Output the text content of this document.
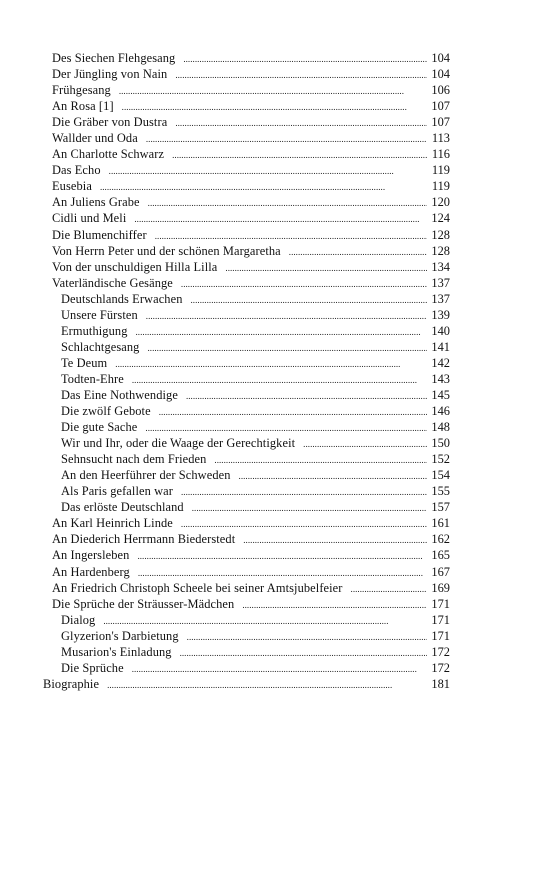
Des Siechen Flehgesang . . .	104
Der Jüngling von Nain . . .	104
Frühgesang . . .	106
An Rosa [1] . . .	107
Die Gräber von Dustra . . .	107
Wallder und Oda . . .	113
An Charlotte Schwarz . . .	116
Das Echo . . .	119
Eusebia . . .	119
An Juliens Grabe . . .	120
Cidli und Meli . . .	124
Die Blumenchiffer . . .	128
Von Herrn Peter und der schönen Margaretha . . .	128
Von der unschuldigen Hilla Lilla . . .	134
Vaterländische Gesänge . . .	137
Deutschlands Erwachen . . .	137
Unsere Fürsten . . .	139
Ermuthigung . . .	140
Schlachtgesang . . .	141
Te Deum . . .	142
Todten-Ehre . . .	143
Das Eine Nothwendige . . .	145
Die zwölf Gebote . . .	146
Die gute Sache . . .	148
Wir und Ihr, oder die Waage der Gerechtigkeit . . .	150
Sehnsucht nach dem Frieden . . .	152
An den Heerführer der Schweden . . .	154
Als Paris gefallen war . . .	155
Das erlöste Deutschland . . .	157
An Karl Heinrich Linde . . .	161
An Diederich Herrmann Biederstedt . . .	162
An Ingersleben . . .	165
An Hardenberg . . .	167
An Friedrich Christoph Scheele bei seiner Amtsjubelfeier . . .	169
Die Sprüche der Sträusser-Mädchen . . .	171
Dialog . . .	171
Glyzerion's Darbietung . . .	171
Musarion's Einladung . . .	172
Die Sprüche . . .	172
Biographie . . .	181
